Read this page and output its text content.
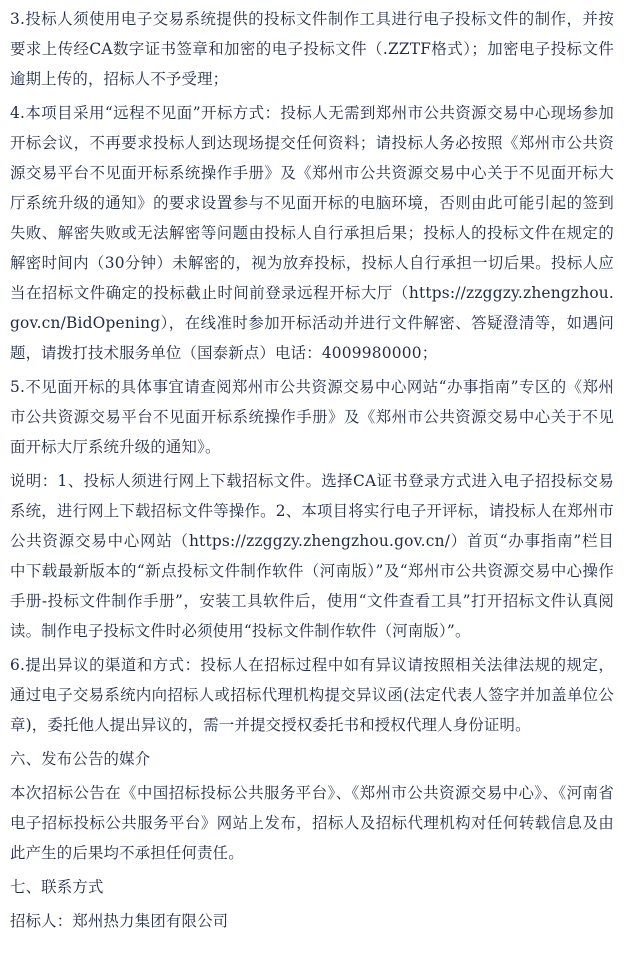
3.投标人须使用电子交易系统提供的投标文件制作工具进行电子投标文件的制作，并按要求上传经CA数字证书签章和加密的电子投标文件（.ZZTF格式）；加密电子投标文件逾期上传的，招标人不予受理；

4.本项目采用“远程不见面”开标方式：投标人无需到郑州市公共资源交易中心现场参加开标会议，不再要求投标人到达现场提交任何资料；请投标人务必按照《郑州市公共资源交易平台不见面开标系统操作手册》及《郑州市公共资源交易中心关于不见面开标大厅系统升级的通知》的要求设置参与不见面开标的电脑环境，否则由此可能引起的签到失败、解密失败或无法解密等问题由投标人自行承担后果；投标人的投标文件在规定的解密时间内（30分钟）未解密的，视为放弃投标，投标人自行承担一切后果。投标人应当在招标文件确定的投标截止时间前登录远程开标大厅（https://zzggzy.zhengzhou.gov.cn/BidOpening），在线准时参加开标活动并进行文件解密、答疑澄清等，如遇问题，请拨打技术服务单位（国泰新点）电话：4009980000；

5.不见面开标的具体事宜请查阅郑州市公共资源交易中心网站“办事指南”专区的《郑州市公共资源交易平台不见面开标系统操作手册》及《郑州市公共资源交易中心关于不见面开标大厅系统升级的通知》。

说明：1、投标人须进行网上下载招标文件。选择CA证书登录方式进入电子招投标交易系统，进行网上下载招标文件等操作。2、本项目将实行电子开评标，请投标人在郑州市公共资源交易中心网站（https://zzggzy.zhengzhou.gov.cn/）首页“办事指南”栏目中下载最新版本的“新点投标文件制作软件（河南版）”及“郑州市公共资源交易中心操作手册-投标文件制作手册”，安装工具软件后，使用“文件查看工具”打开招标文件认真阅读。制作电子投标文件时必须使用“投标文件制作软件（河南版）”。

6.提出异议的渠道和方式：投标人在招标过程中如有异议请按照相关法律法规的规定，通过电子交易系统内向招标人或招标代理机构提交异议函(法定代表人签字并加盖单位公章)，委托他人提出异议的，需一并提交授权委托书和授权代理人身份证明。

六、发布公告的媒介

本次招标公告在《中国招标投标公共服务平台》、《郑州市公共资源交易中心》、《河南省电子招标投标公共服务平台》网站上发布，招标人及招标代理机构对任何转载信息及由此产生的后果均不承担任何责任。

七、联系方式

招标人：郑州热力集团有限公司
